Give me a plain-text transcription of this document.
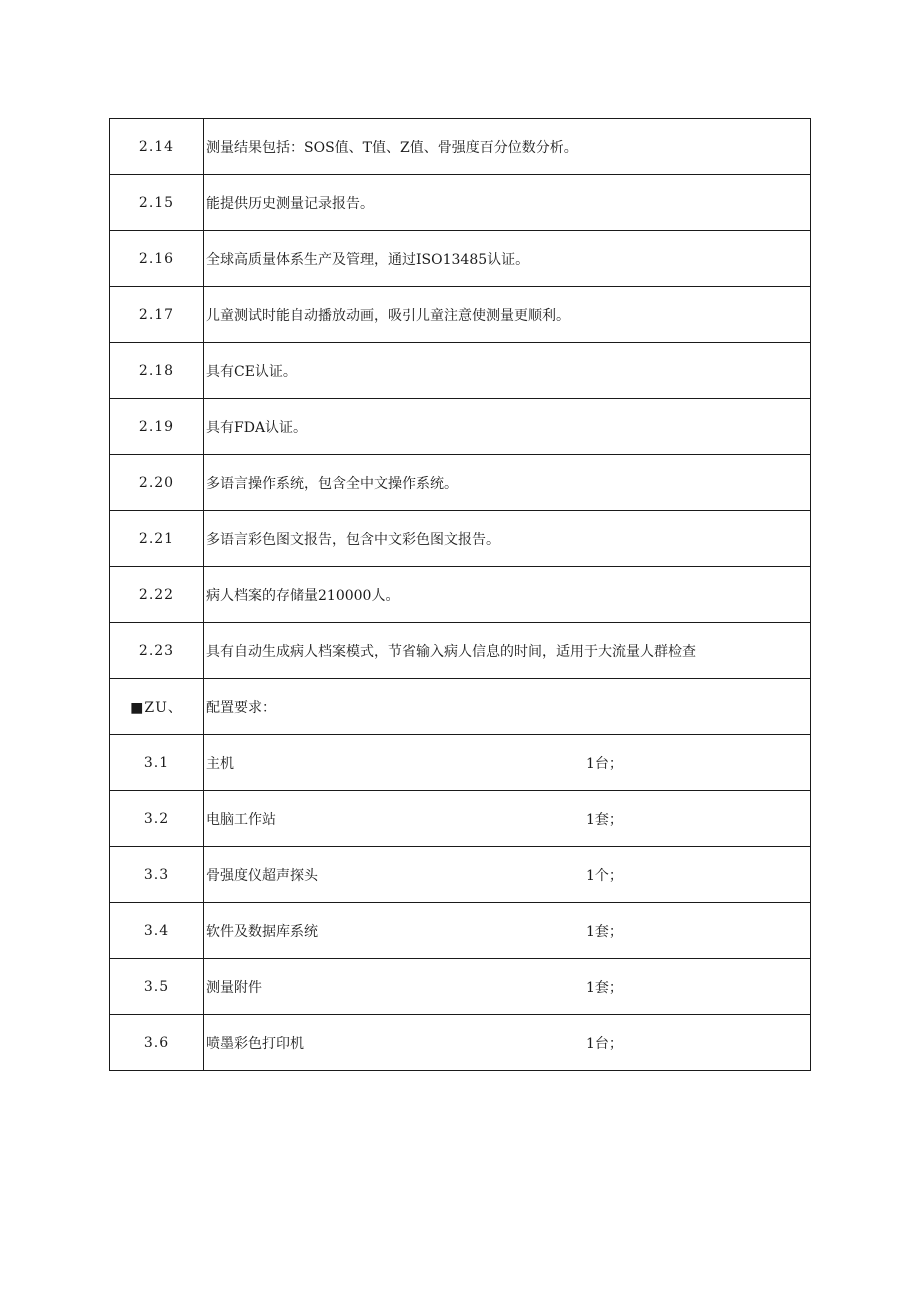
2.14	测量结果包括：SOS值、T值、Z值、骨强度百分位数分析。
2.15	能提供历史测量记录报告。
2.16	全球高质量体系生产及管理，通过ISO13485认证。
2.17	儿童测试时能自动播放动画，吸引儿童注意使测量更顺利。
2.18	具有CE认证。
2.19	具有FDA认证。
2.20	多语言操作系统，包含全中文操作系统。
2.21	多语言彩色图文报告，包含中文彩色图文报告。
2.22	病人档案的存储量210000人。
2.23	具有自动生成病人档案模式，节省输入病人信息的时间，适用于大流量人群检查
■ZU、	配置要求：
3.1	主机 1台；

3.2	电脑工作站 1套；

3.3	骨强度仪超声探头 1个；

3.4	软件及数据库系统 1套；

3.5	测量附件 1套；

3.6	喷墨彩色打印机 1台；
